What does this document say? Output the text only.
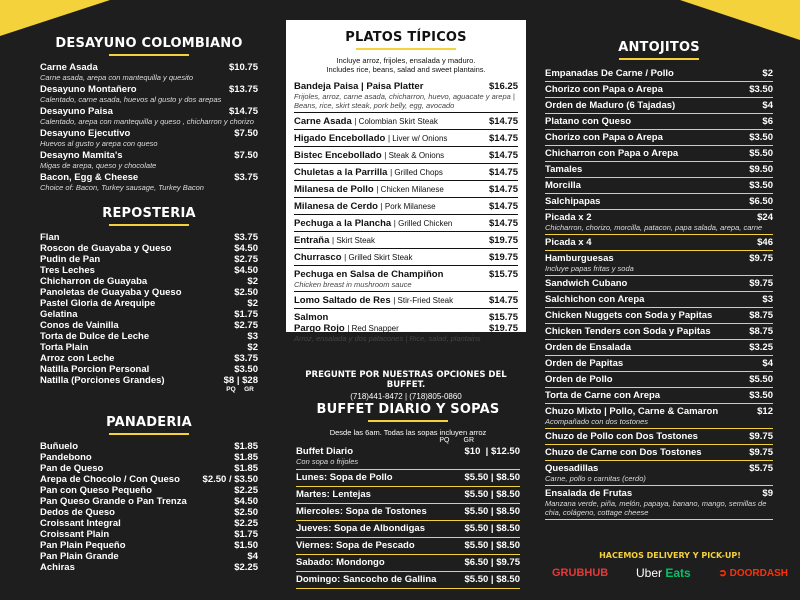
DESAYUNO COLOMBIANO
Carne Asada	$10.75
Carne asada, arepa con mantequilla y quesito
Desayuno Montañero	$13.75
Calentado, carne asada, huevos al gusto y dos arepas
Desayuno Paisa	$14.75
Calentado, arepa con mantequilla y queso , chicharron y chorizo
Desayuno Ejecutivo	$7.50
Huevos al gusto y arepa con queso
Desayno Mamita's	$7.50
Migas de arepa, queso y chocolate
Bacon, Egg & Cheese	$3.75
Choice of: Bacon, Turkey sausage, Turkey Bacon
REPOSTERIA
Flan	$3.75
Roscon de Guayaba y Queso	$4.50
Pudin de Pan	$2.75
Tres Leches	$4.50
Chicharron de Guayaba	$2
Panoletas de Guayaba y Queso	$2.50
Pastel Gloria de Arequipe	$2
Gelatina	$1.75
Conos de Vainilla	$2.75
Torta de Dulce de Leche	$3
Torta Plain	$2
Arroz con Leche	$3.75
Natilla Porcion Personal	$3.50
Natilla (Porciones Grandes)	$8 | $28
PQ GR
PANADERIA
Buñuelo	$1.85
Pandebono	$1.85
Pan de Queso	$1.85
Arepa de Chocolo / Con Queso $2.50 / $3.50
Pan con Queso Pequeño	$2.25
Pan Queso Grande o Pan Trenza	$4.50
Dedos de Queso	$2.50
Croissant Integral	$2.25
Croissant Plain	$1.75
Pan Plain Pequeño	$1.50
Pan Plain Grande	$4
Achiras	$2.25
PLATOS TÍPICOS
Incluye arroz, frijoles, ensalada y maduro.
Includes rice, beans, salad and sweet plantains.
Bandeja Paisa | Paisa Platter	$16.25
Frijoles, arroz, carne asada, chicharron, huevo, aguacate y arepa | Beans, rice, skirt steak, pork belly, egg, avocado
Carne Asada | Colombian Skirt Steak	$14.75
Higado Encebollado | Liver w/ Onions	$14.75
Bistec Encebollado | Steak & Onions	$14.75
Chuletas a la Parrilla | Grilled Chops	$14.75
Milanesa de Pollo | Chicken Milanese	$14.75
Milanesa de Cerdo | Pork Milanese	$14.75
Pechuga a la Plancha | Grilled Chicken	$14.75
Entraña | Skirt Steak	$19.75
Churrasco | Grilled Skirt Steak	$19.75
Pechuga en Salsa de Champiñon	$15.75
Chicken breast in mushroom sauce
Lomo Saltado de Res | Stir-Fried Steak	$14.75
Salmon	$15.75
Pargo Rojo | Red Snapper	$19.75
Arroz, ensalada y dos patacones | Rice, salad, plantains
PREGUNTE POR NUESTRAS OPCIONES DEL BUFFET.
(718)441-8472 | (718)805-0860
BUFFET DIARIO Y SOPAS
Desde las 6am. Todas las sopas incluyen arroz
PQ GR
Buffet Diario	$10 | $12.50
Con sopa o frijoles
Lunes: Sopa de Pollo	$5.50 | $8.50
Martes: Lentejas	$5.50 | $8.50
Miercoles: Sopa de Tostones	$5.50 | $8.50
Jueves: Sopa de Albondigas	$5.50 | $8.50
Viernes: Sopa de Pescado	$5.50 | $8.50
Sabado: Mondongo	$6.50 | $9.75
Domingo: Sancocho de Gallina	$5.50 | $8.50
ANTOJITOS
Empanadas De Carne / Pollo	$2
Chorizo con Papa o Arepa	$3.50
Orden de Maduro (6 Tajadas)	$4
Platano con Queso	$6
Chorizo con Papa o Arepa	$3.50
Chicharron con Papa o Arepa	$5.50
Tamales	$9.50
Morcilla	$3.50
Salchipapas	$6.50
Picada x 2	$24
Chicharron, chorizo, morcilla, patacon, papa salada, arepa, carne
Picada x 4	$46
Hamburguesas	$9.75
Incluye papas fritas y soda
Sandwich Cubano	$9.75
Salchichon con Arepa	$3
Chicken Nuggets con Soda y Papitas	$8.75
Chicken Tenders con Soda y Papitas	$8.75
Orden de Ensalada	$3.25
Orden de Papitas	$4
Orden de Pollo	$5.50
Torta de Carne con Arepa	$3.50
Chuzo Mixto | Pollo, Carne & Camaron	$12
Acompañado con dos tostones
Chuzo de Pollo con Dos Tostones	$9.75
Chuzo de Carne con Dos Tostones	$9.75
Quesadillas	$5.75
Carne, pollo o carnitas (cerdo)
Ensalada de Frutas	$9
Manzana verde, piña, melón, papaya, banano, mango, semillas de chia, colágeno, cottage cheese
HACEMOS DELIVERY Y PICK-UP!
GRUBHUB Uber Eats	➲ DOORDASH
